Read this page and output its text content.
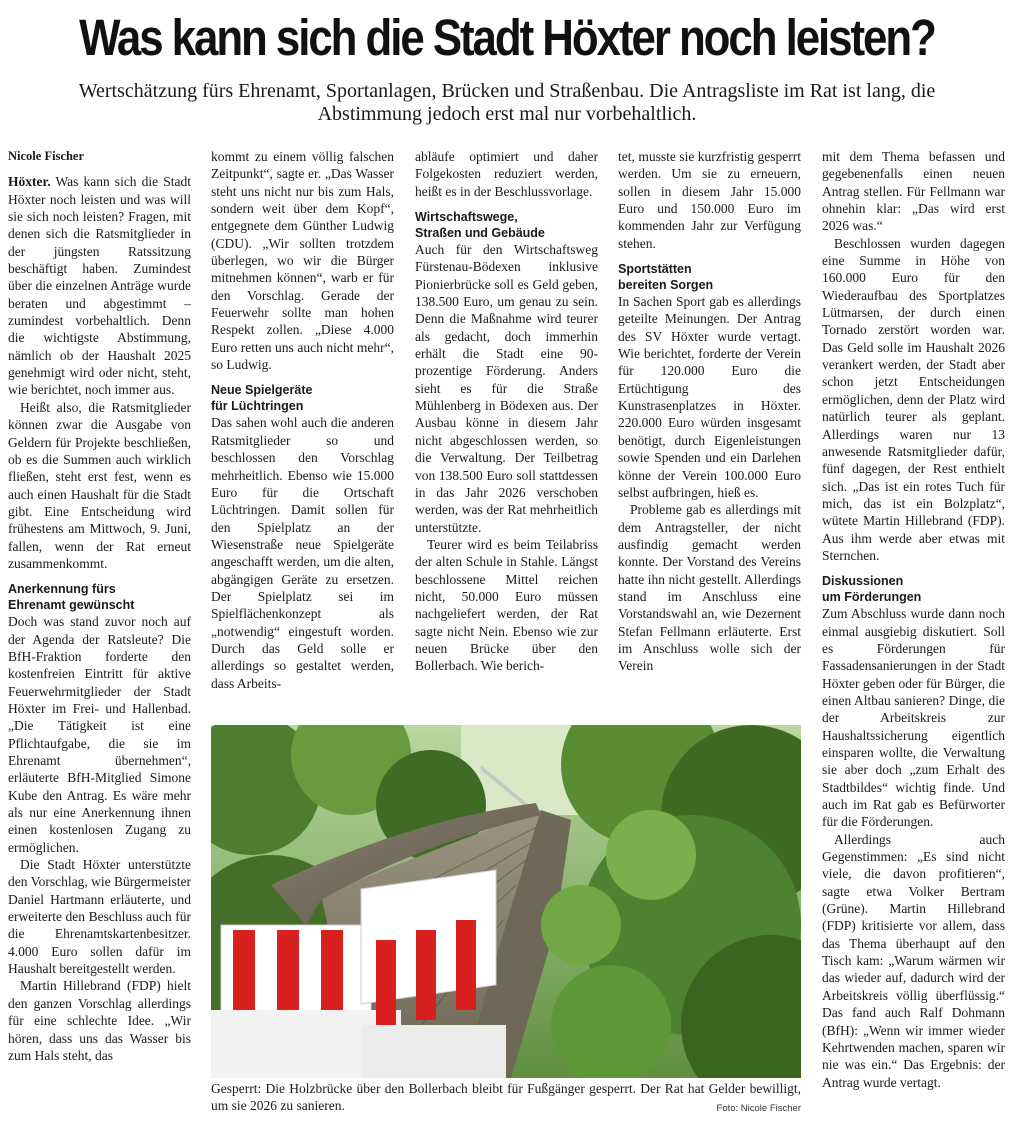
Was kann sich die Stadt Höxter noch leisten?

Wertschätzung fürs Ehrenamt, Sportanlagen, Brücken und Straßenbau. Die Antragsliste im Rat ist lang, die Abstimmung jedoch erst mal nur vorbehaltlich.

Nicole Fischer

Höxter. Was kann sich die Stadt Höxter noch leisten und was will sie sich noch leisten? Fragen, mit denen sich die Ratsmitglieder in der jüngsten Ratssitzung beschäftigt haben. Zumindest über die einzelnen Anträge wurde beraten und abgestimmt – zumindest vorbehaltlich. Denn die wichtigste Abstimmung, nämlich ob der Haushalt 2025 genehmigt wird oder nicht, steht, wie berichtet, noch immer aus.

Heißt also, die Ratsmitglieder können zwar die Ausgabe von Geldern für Projekte beschließen, ob es die Summen auch wirklich fließen, steht erst fest, wenn es auch einen Haushalt für die Stadt gibt. Eine Entscheidung wird frühestens am Mittwoch, 9. Juni, fallen, wenn der Rat erneut zusammenkommt.

Anerkennung fürs
Ehrenamt gewünscht

Doch was stand zuvor noch auf der Agenda der Ratsleute? Die BfH-Fraktion forderte den kostenfreien Eintritt für aktive Feuerwehrmitglieder der Stadt Höxter im Frei- und Hallenbad. „Die Tätigkeit ist eine Pflichtaufgabe, die sie im Ehrenamt übernehmen“, erläuterte BfH-Mitglied Simone Kube den Antrag. Es wäre mehr als nur eine Anerkennung ihnen einen kostenlosen Zugang zu ermöglichen.

Die Stadt Höxter unterstützte den Vorschlag, wie Bürgermeister Daniel Hartmann erläuterte, und erweiterte den Beschluss auch für die Ehrenamtskartenbesitzer. 4.000 Euro sollen dafür im Haushalt bereitgestellt werden.

Martin Hillebrand (FDP) hielt den ganzen Vorschlag allerdings für eine schlechte Idee. „Wir hören, dass uns das Wasser bis zum Hals steht, das

kommt zu einem völlig falschen Zeitpunkt“, sagte er. „Das Wasser steht uns nicht nur bis zum Hals, sondern weit über dem Kopf“, entgegnete dem Günther Ludwig (CDU). „Wir sollten trotzdem überlegen, wo wir die Bürger mitnehmen können“, warb er für den Vorschlag. Gerade der Feuerwehr sollte man hohen Respekt zollen. „Diese 4.000 Euro retten uns auch nicht mehr“, so Ludwig.

Neue Spielgeräte
für Lüchtringen

Das sahen wohl auch die anderen Ratsmitglieder so und beschlossen den Vorschlag mehrheitlich. Ebenso wie 15.000 Euro für die Ortschaft Lüchtringen. Damit sollen für den Spielplatz an der Wiesenstraße neue Spielgeräte angeschafft werden, um die alten, abgängigen Geräte zu ersetzen. Der Spielplatz sei im Spielflächenkonzept als „notwendig“ eingestuft worden. Durch das Geld solle er allerdings so gestaltet werden, dass Arbeits-

abläufe optimiert und daher Folgekosten reduziert werden, heißt es in der Beschlussvorlage.

Wirtschaftswege,
Straßen und Gebäude

Auch für den Wirtschaftsweg Fürstenau-Bödexen inklusive Pionierbrücke soll es Geld geben, 138.500 Euro, um genau zu sein. Denn die Maßnahme wird teurer als gedacht, doch immerhin erhält die Stadt eine 90-prozentige Förderung. Anders sieht es für die Straße Mühlenberg in Bödexen aus. Der Ausbau könne in diesem Jahr nicht abgeschlossen werden, so die Verwaltung. Der Teilbetrag von 138.500 Euro soll stattdessen in das Jahr 2026 verschoben werden, was der Rat mehrheitlich unterstützte.

Teurer wird es beim Teilabriss der alten Schule in Stahle. Längst beschlossene Mittel reichen nicht, 50.000 Euro müssen nachgeliefert werden, der Rat sagte nicht Nein. Ebenso wie zur neuen Brücke über den Bollerbach. Wie berich-

tet, musste sie kurzfristig gesperrt werden. Um sie zu erneuern, sollen in diesem Jahr 15.000 Euro und 150.000 Euro im kommenden Jahr zur Verfügung stehen.

Sportstätten
bereiten Sorgen

In Sachen Sport gab es allerdings geteilte Meinungen. Der Antrag des SV Höxter wurde vertagt. Wie berichtet, forderte der Verein für 120.000 Euro die Ertüchtigung des Kunstrasenplatzes in Höxter. 220.000 Euro würden insgesamt benötigt, durch Eigenleistungen sowie Spenden und ein Darlehen könne der Verein 100.000 Euro selbst aufbringen, hieß es.

Probleme gab es allerdings mit dem Antragsteller, der nicht ausfindig gemacht werden konnte. Der Vorstand des Vereins hatte ihn nicht gestellt. Allerdings stand im Anschluss eine Vorstandswahl an, wie Dezernent Stefan Fellmann erläuterte. Erst im Anschluss wolle sich der Verein

mit dem Thema befassen und gegebenenfalls einen neuen Antrag stellen. Für Fellmann war ohnehin klar: „Das wird erst 2026 was.“

Beschlossen wurden dagegen eine Summe in Höhe von 160.000 Euro für den Wiederaufbau des Sportplatzes Lütmarsen, der durch einen Tornado zerstört worden war. Das Geld solle im Haushalt 2026 verankert werden, der Stadt aber schon jetzt Entscheidungen ermöglichen, denn der Platz wird natürlich teurer als geplant. Allerdings waren nur 13 anwesende Ratsmitglieder dafür, fünf dagegen, der Rest enthielt sich. „Das ist ein rotes Tuch für mich, das ist ein Bolzplatz“, wütete Martin Hillebrand (FDP). Aus ihm werde aber etwas mit Sternchen.

Diskussionen
um Förderungen

Zum Abschluss wurde dann noch einmal ausgiebig diskutiert. Soll es Förderungen für Fassadensanierungen in der Stadt Höxter geben oder für Bürger, die einen Altbau sanieren? Dinge, die der Arbeitskreis zur Haushaltssicherung eigentlich einsparen wollte, die Verwaltung sie aber doch „zum Erhalt des Stadtbildes“ wichtig finde. Und auch im Rat gab es Befürworter für die Förderungen.

Allerdings auch Gegenstimmen: „Es sind nicht viele, die davon profitieren“, sagte etwa Volker Bertram (Grüne). Martin Hillebrand (FDP) kritisierte vor allem, dass das Thema überhaupt auf den Tisch kam: „Warum wärmen wir das wieder auf, dadurch wird der Arbeitskreis völlig überflüssig.“ Das fand auch Ralf Dohmann (BfH): „Wenn wir immer wieder Kehrtwenden machen, sparen wir nie was ein.“ Das Ergebnis: der Antrag wurde vertagt.

Gesperrt: Die Holzbrücke über den Bollerbach bleibt für Fußgänger gesperrt. Der Rat hat Gelder bewilligt, um sie 2026 zu sanieren.	Foto: Nicole Fischer
